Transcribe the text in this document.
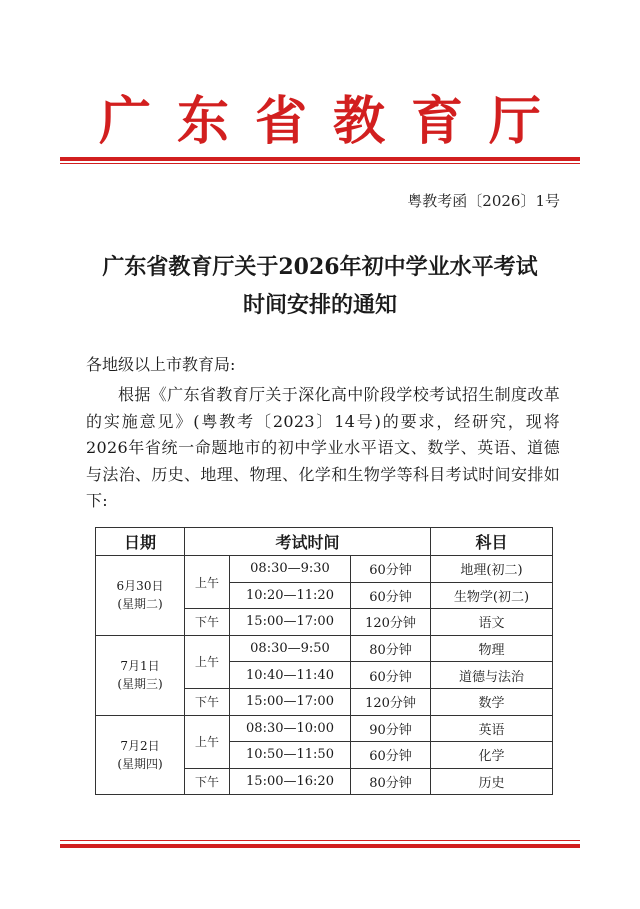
广东省教育厅
粤教考函〔2026〕1号
广东省教育厅关于2026年初中学业水平考试
时间安排的通知
各地级以上市教育局:
根据《广东省教育厅关于深化高中阶段学校考试招生制度改革的实施意见》(粤教考〔2023〕14号)的要求，经研究，现将2026年省统一命题地市的初中学业水平语文、数学、英语、道德与法治、历史、地理、物理、化学和生物学等科目考试时间安排如下:
日期	考试时间			科目

6月30日
(星期二)	上午	08:30—9:30	60分钟	地理(初二)
		10:20—11:20	60分钟	生物学(初二)
	下午	15:00—17:00	120分钟	语文

7月1日
(星期三)	上午	08:30—9:50	80分钟	物理
		10:40—11:40	60分钟	道德与法治
	下午	15:00—17:00	120分钟	数学

7月2日
(星期四)	上午	08:30—10:00	90分钟	英语
		10:50—11:50	60分钟	化学
	下午	15:00—16:20	80分钟	历史
